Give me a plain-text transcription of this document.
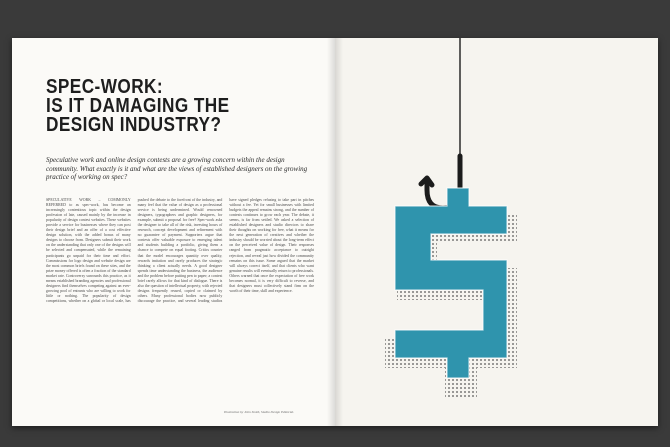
SPEC-WORK:
IS IT DAMAGING THE
DESIGN INDUSTRY?

Speculative work and online design contests are a growing concern within the design community. What exactly is it and what are the views of established designers on the growing practice of working on spec?

SPECULATIVE WORK – COMMONLY REFERRED to as spec-work, has become an increasingly contentious topic within the design profession of late, caused mainly by the increase in popularity of design contest websites. These websites provide a service for businesses where they can post their design brief and an offer of a cost effective design solution, with the added bonus of many designs to choose from. Designers submit their work on the understanding that only one of the designs will be selected and compensated, while the remaining participants go unpaid for their time and effort. Commissions for logo design and website design are the most common briefs found on these sites, and the prize money offered is often a fraction of the standard market rate. Controversy surrounds this practice, as it means established branding agencies and professional designers find themselves competing against an ever-growing pool of entrants who are willing to work for little or nothing. The popularity of design competitions, whether on a global or local scale, has pushed the debate to the forefront of the industry, and many feel that the value of design as a professional service is being undermined. Would renowned designers, typographers and graphic designers, for example, submit a proposal for free? Spec-work asks the designer to take all of the risk, investing hours of research, concept development and refinement with no guarantee of payment. Supporters argue that contests offer valuable exposure to emerging talent and students building a portfolio, giving them a chance to compete on equal footing. Critics counter that the model encourages quantity over quality, rewards imitation and rarely produces the strategic thinking a client actually needs. A good designer spends time understanding the business, the audience and the problem before putting pen to paper; a contest brief rarely allows for that kind of dialogue. There is also the question of intellectual property, with rejected designs frequently reused, copied or claimed by others. Many professional bodies now publicly discourage the practice, and several leading studios have signed pledges refusing to take part in pitches without a fee. Yet for small businesses with limited budgets the appeal remains strong, and the number of contests continues to grow each year. The debate, it seems, is far from settled. We asked a selection of established designers and studio directors to share their thoughts on working for free, what it means for the next generation of creatives and whether the industry should be worried about the long-term effect on the perceived value of design. Their responses ranged from pragmatic acceptance to outright rejection, and reveal just how divided the community remains on this issue. Some argued that the market will always correct itself, and that clients who want genuine results will eventually return to professionals. Others warned that once the expectation of free work becomes normal, it is very difficult to reverse, and that designers must collectively stand firm on the worth of their time, skill and experience.

Illustration by John Smith, Studio Design Editorial.
